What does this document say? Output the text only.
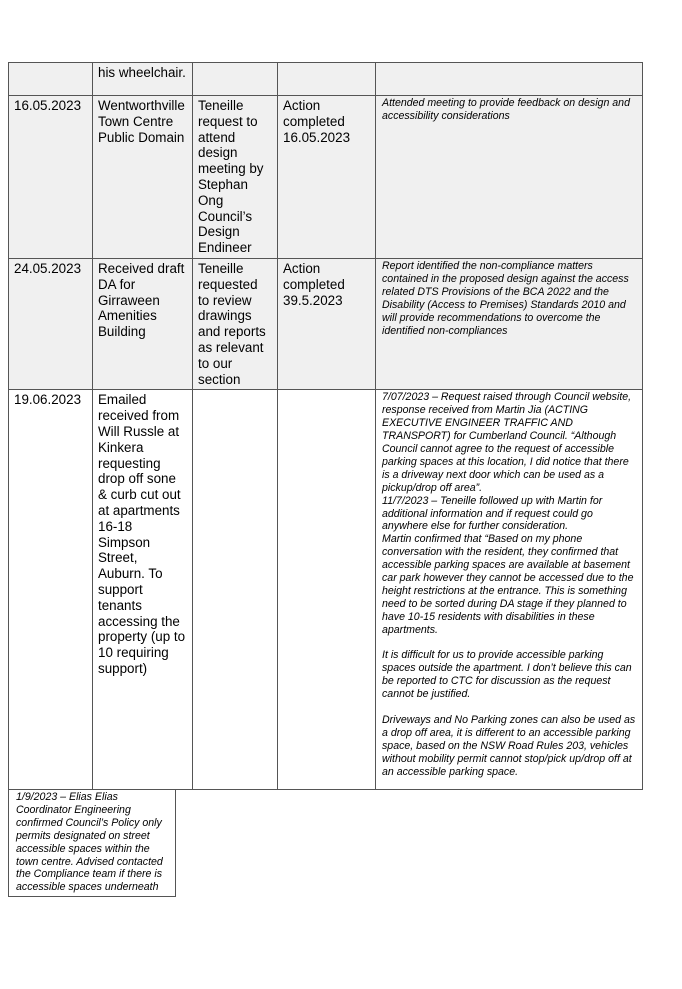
	his wheelchair.			
16.05.2023	Wentworthville Town Centre Public Domain	Teneille request to attend design meeting by Stephan Ong Council’s Design Endineer	Action completed 16.05.2023	Attended meeting to provide feedback on design and accessibility considerations

24.05.2023	Received draft DA for Girraween Amenities Building	Teneille requested to review drawings and reports as relevant to our section	Action completed 39.5.2023	Report identified the non-compliance matters contained in the proposed design against the access related DTS Provisions of the BCA 2022 and the Disability (Access to Premises) Standards 2010 and will provide recommendations to overcome the identified non-compliances

19.06.2023	Emailed received from Will Russle at Kinkera requesting drop off sone & curb cut out at apartments 16-18 Simpson Street, Auburn. To support tenants accessing the property (up to 10 requiring support)			7/07/2023 – Request raised through Council website, response received from Martin Jia (ACTING EXECUTIVE ENGINEER TRAFFIC AND TRANSPORT) for Cumberland Council. “Although Council cannot agree to the request of accessible parking spaces at this location, I did notice that there is a driveway next door which can be used as a pickup/drop off area”.

11/7/2023 – Teneille followed up with Martin for additional information and if request could go anywhere else for further consideration.

Martin confirmed that “Based on my phone conversation with the resident, they confirmed that accessible parking spaces are available at basement car park however they cannot be accessed due to the height restrictions at the entrance. This is something need to be sorted during DA stage if they planned to have 10-15 residents with disabilities in these apartments.

It is difficult for us to provide accessible parking spaces outside the apartment. I don’t believe this can be reported to CTC for discussion as the request cannot be justified.

Driveways and No Parking zones can also be used as a drop off area, it is different to an accessible parking space, based on the NSW Road Rules 203, vehicles without mobility permit cannot stop/pick up/drop off at an accessible parking space.

1/9/2023 – Elias Elias Coordinator Engineering confirmed Council’s Policy only permits designated on street accessible spaces within the town centre. Advised contacted the Compliance team if there is accessible spaces underneath
